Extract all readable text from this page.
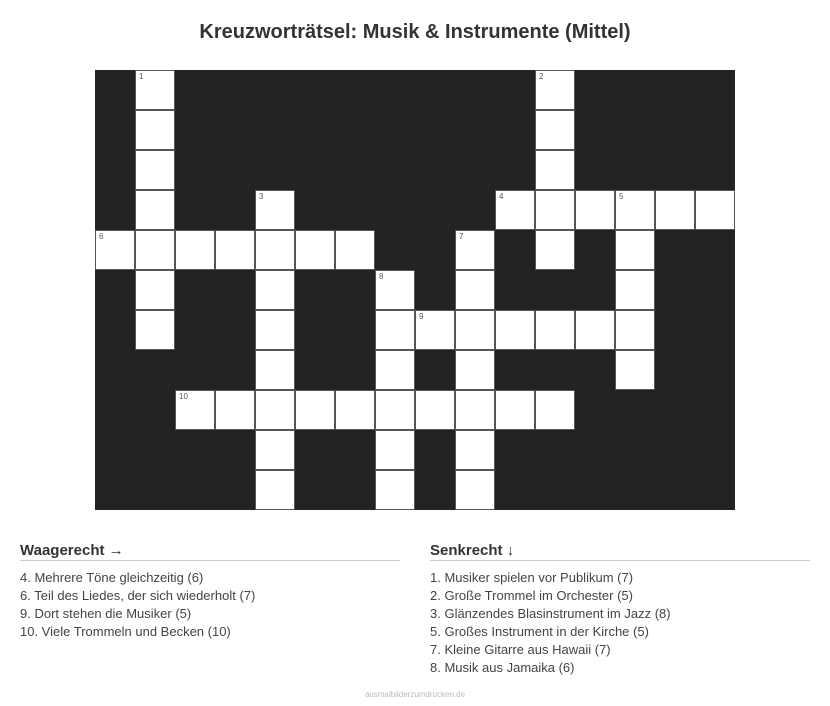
Kreuzworträtsel: Musik & Instrumente (Mittel)
1	2
3	4	5
6	7
8
9
10
Waagerecht →
4. Mehrere Töne gleichzeitig (6)
6. Teil des Liedes, der sich wiederholt (7)
9. Dort stehen die Musiker (5)
10. Viele Trommeln und Becken (10)
Senkrecht ↓
1. Musiker spielen vor Publikum (7)
2. Große Trommel im Orchester (5)
3. Glänzendes Blasinstrument im Jazz (8)
5. Großes Instrument in der Kirche (5)
7. Kleine Gitarre aus Hawaii (7)
8. Musik aus Jamaika (6)
ausmalbilderzumdrucken.de
